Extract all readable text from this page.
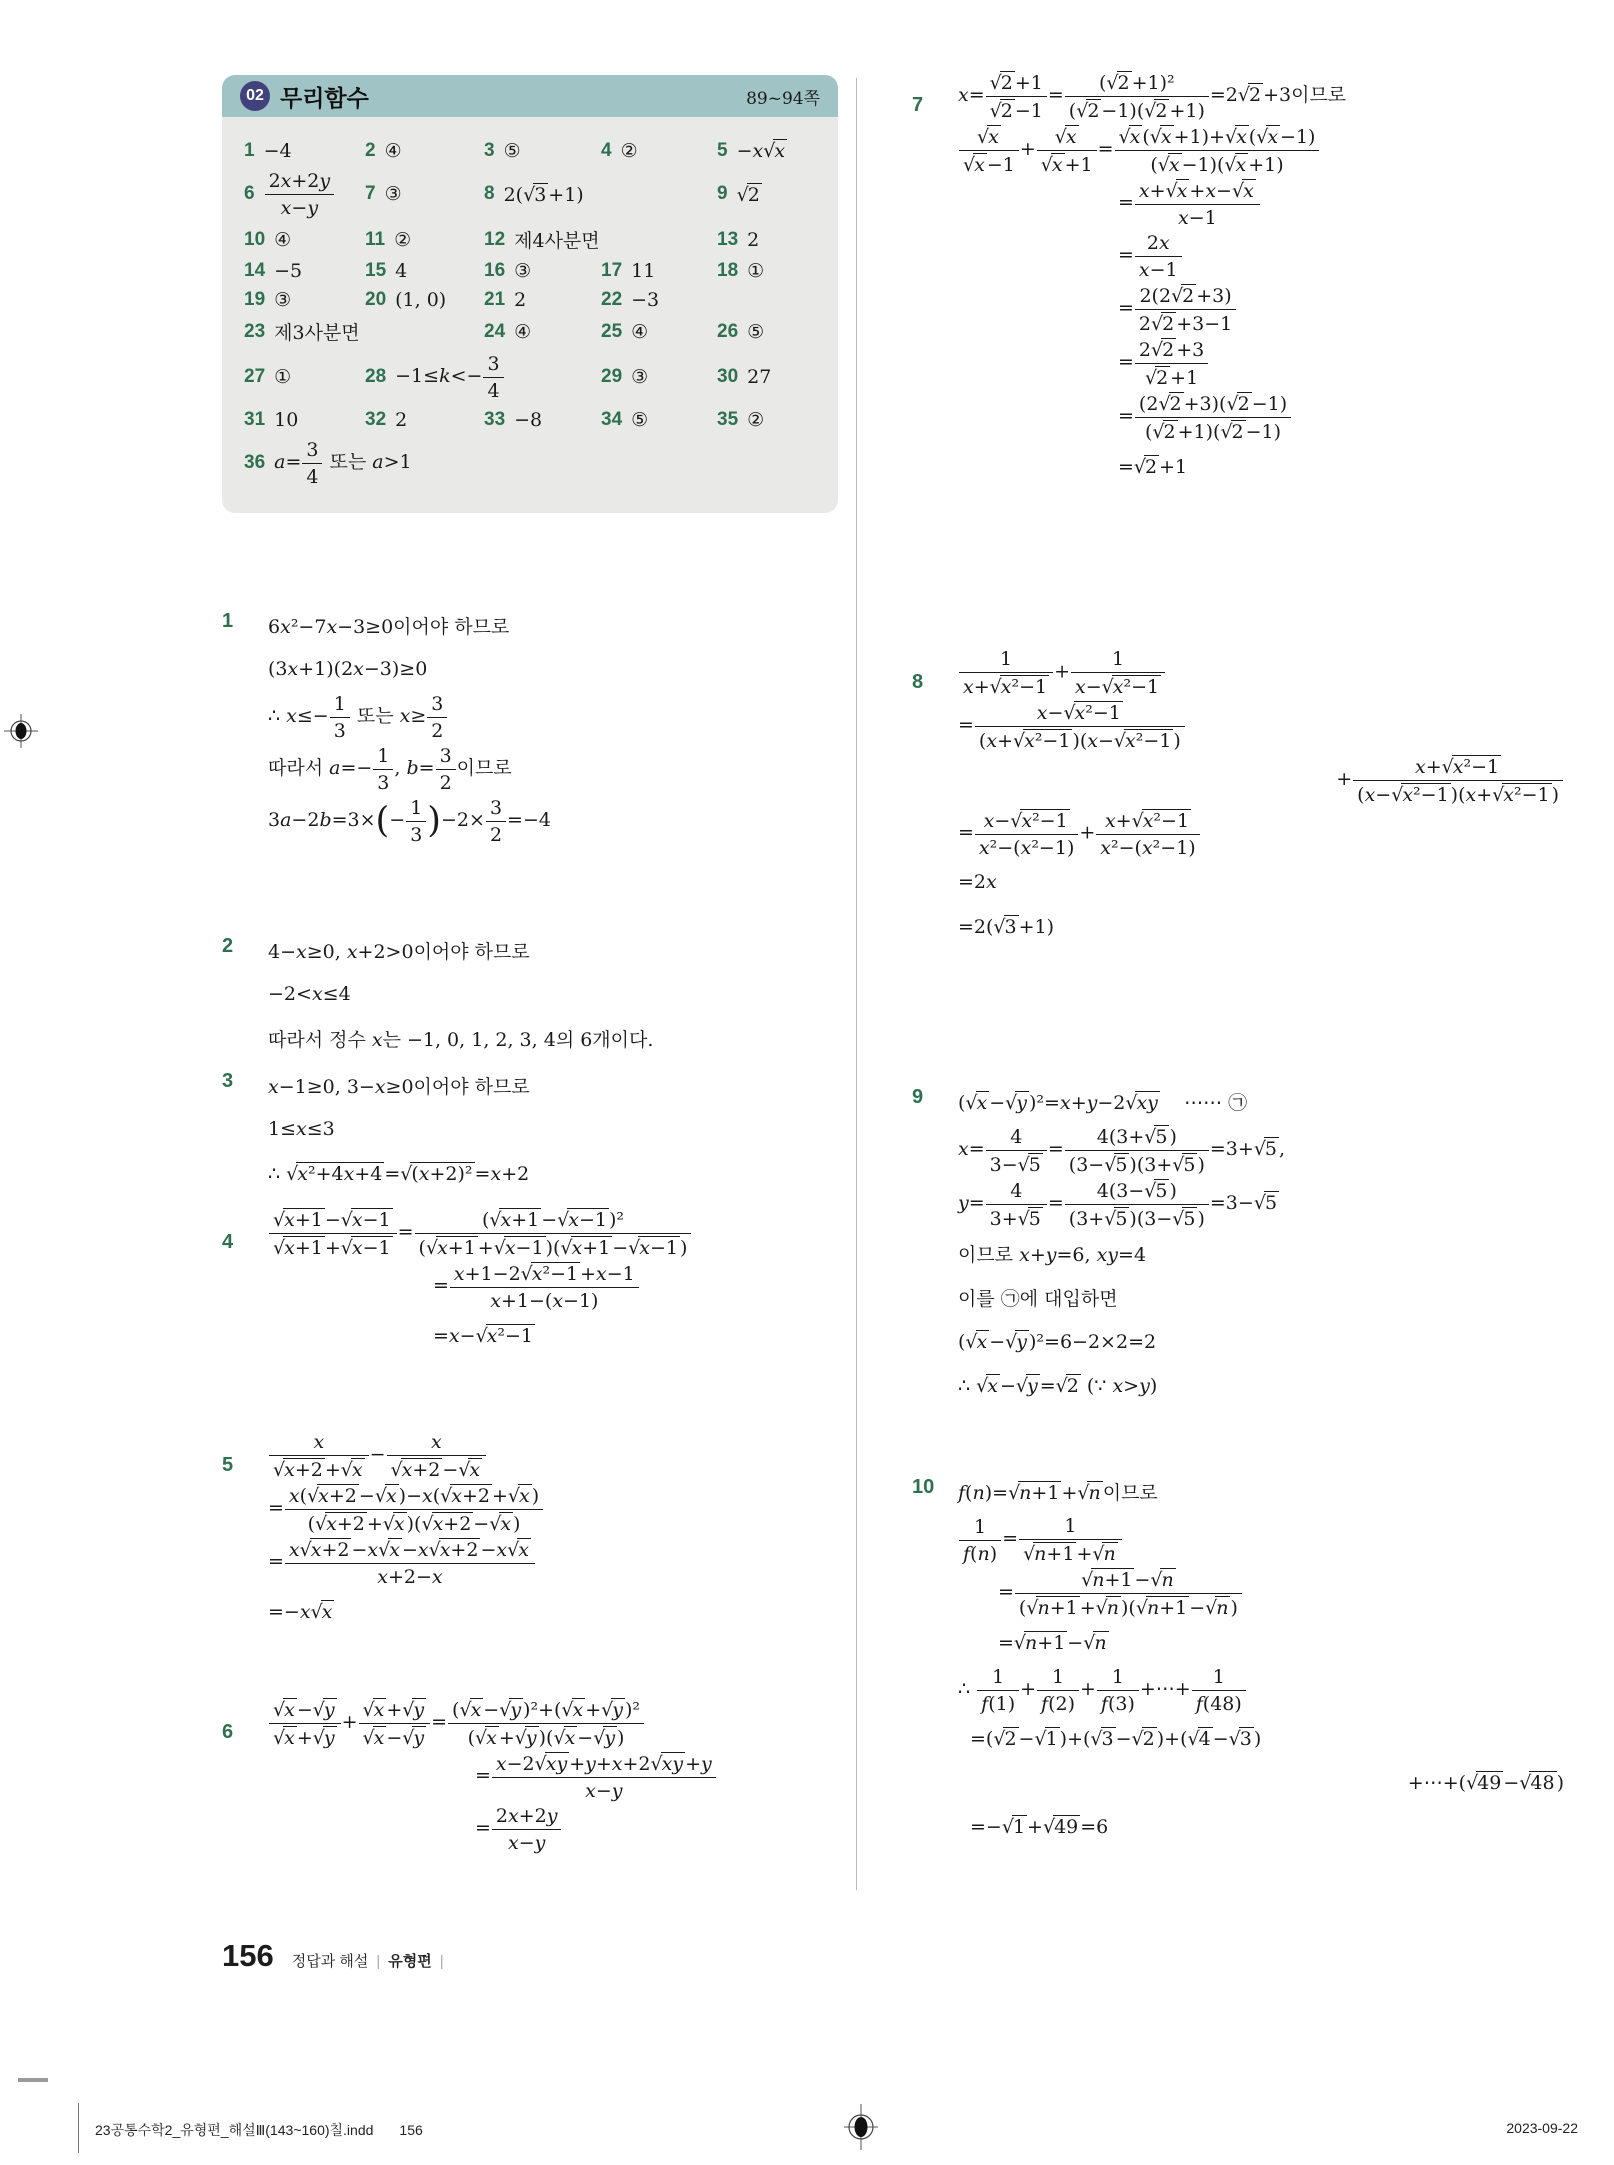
02 무리함수	89~94쪽
1 −4	2 ④	3 ⑤	4 ②	5 −x √ x
$6 \frac{2x+2y}{x-y} 7$ ③	8 2( √ 3 +1)	9 √ 2
10 ④	11 ②	12 제4사분면	13 2
14 −5	15 4	16 ③	17 11	18 ①
19 ③	20 (1, 0) 21 2	22 −3
23 제3사분면	24 ④	25 ④	26 ⑤
27 ①	$28 -1\le k<- \frac{3}{4}$	29 ③	30 27
31 10	32 2	33 −8	34 ⑤	35 ②
36 $a= \frac{3}{4}$ 또는 a>1
1 6x²−7x−3≥0이어야 하므로
(3x+1)(2x−3)≥0
∴ $x\le- \frac{1}{3}$ 또는 $x\ge \frac{3}{2}$
따라서 $a=- \frac{1}{3}$ , $b= \frac{3}{2}$ 이므로
$3a-2b=3\times(- \frac{1}{3} )-2\times \frac{3}{2} =-4$
2 4−x≥0, x+2>0이어야 하므로
−2<x≤4
따라서 정수 x는 −1, 0, 1, 2, 3, 4의 6개이다.
3 x−1≥0, 3−x≥0이어야 하므로
1≤x≤3
∴ √ x²+4x+4 = √ (x+2)² =x+2
$4 \frac{√ x+1 - √ x-1}{√ x+1 + √ x-1} = \frac{\text{( √ x+1 − √ x−1 )²}}{( √ x+1 + √ x-1 )( √ x+1 - √ x-1 )}$
= $\frac{\text{x+1−2 √ x²−1 +x−1}}{x+1-(x-1)}$
=x− √ x²−1
$5 \frac{x}{√ x+2 + √ x} - \frac{x}{√ x+2 - √ x}$
= $\frac{x( √ x+2 - √ x )-x( √ x+2 + √ x )}{( √ x+2 + √ x )( √ x+2 - √ x )}$
= $\frac{x √ x+2 -x √ x -x √ x+2 -x √ x}{x+2-x}$
=−x √ x
$6 \frac{√ x - √ y}{√ x + √ y} + \frac{√ x + √ y}{√ x - √ y} = \frac{\text{( √ x − √ y )²+( √ x + √ y )²}}{( √ x + √ y )( √ x - √ y )}$
= $\frac{x-2 √ xy +y+x+2 √ xy +y}{x-y}$
= $\frac{2x+2y}{x-y}$
7 $x= \frac{√ 2 +1}{√ 2 -1} = \frac{\text{( √ 2 +1)²}}{( √ 2 -1)( √ 2 +1)} =2$ √ 2 +3이므로
$\frac{√ x}{√ x -1} + \frac{√ x}{√ x +1} = \frac{√ x ( √ x +1)+ √ x ( √ x -1)}{( √ x -1)( √ x +1)}$
= $\frac{x+ √ x +x- √ x}{x-1}$
= $\frac{2x}{x-1}$
= $\frac{2(2 √ 2 +3)}{2 √ 2 +3-1}$
= $\frac{2 √ 2 +3}{√ 2 +1}$
= $\frac{(2 √ 2 +3)( √ 2 -1)}{( √ 2 +1)( √ 2 -1)}$
= √ 2 +1
$8 \frac{1}{\text{x+ √ x²−1}} + \frac{1}{\text{x− √ x²−1}}$
= $\frac{\text{x− √ x²−1}}{\text{(x+ √ x²−1 )(x− √ x²−1 )}}$
+ $\frac{\text{x+ √ x²−1}}{\text{(x− √ x²−1 )(x+ √ x²−1 )}}$
= $\frac{\text{x− √ x²−1}}{\text{x²−(x²−1)}} + \frac{\text{x+ √ x²−1}}{\text{x²−(x²−1)}}$
=2x
=2( √ 3 +1)
9 ( √ x − √ y )²=x+y−2 √ xy ⋯⋯ ㉠
$x= \frac{4}{3- √ 5} = \frac{4(3+ √ 5 )}{(3- √ 5 )(3+ √ 5 )} =3+$ √ 5 ,
$y= \frac{4}{3+ √ 5} = \frac{4(3- √ 5 )}{(3+ √ 5 )(3- √ 5 )} =3-$ √ 5
이므로 x+y=6, xy=4
이를 ㉠에 대입하면
( √ x − √ y )²=6−2×2=2
∴ √ x − √ y = √ 2 (∵ x>y)
10 f(n)= √ n+1 + √ n 이므로
$\frac{1}{f(n)} = \frac{1}{√ n+1 + √ n}$
= $\frac{√ n+1 - √ n}{( √ n+1 + √ n )( √ n+1 - √ n )}$
= √ n+1 − √ n
∴ $\frac{1}{f(1)} + \frac{1}{f(2)} + \frac{1}{f(3)}$ +⋯+ $\frac{1}{f(48)}$
=( √ 2 − √ 1 )+( √ 3 − √ 2 )+( √ 4 − √ 3 )
+⋯+( √ 49 − √ 48 )
=− √ 1 + √ 49 =6
156 정답과 해설 | 유형편 |
23공통수학2_유형편_해설Ⅲ(143~160)칠.indd 156	2023-09-22
